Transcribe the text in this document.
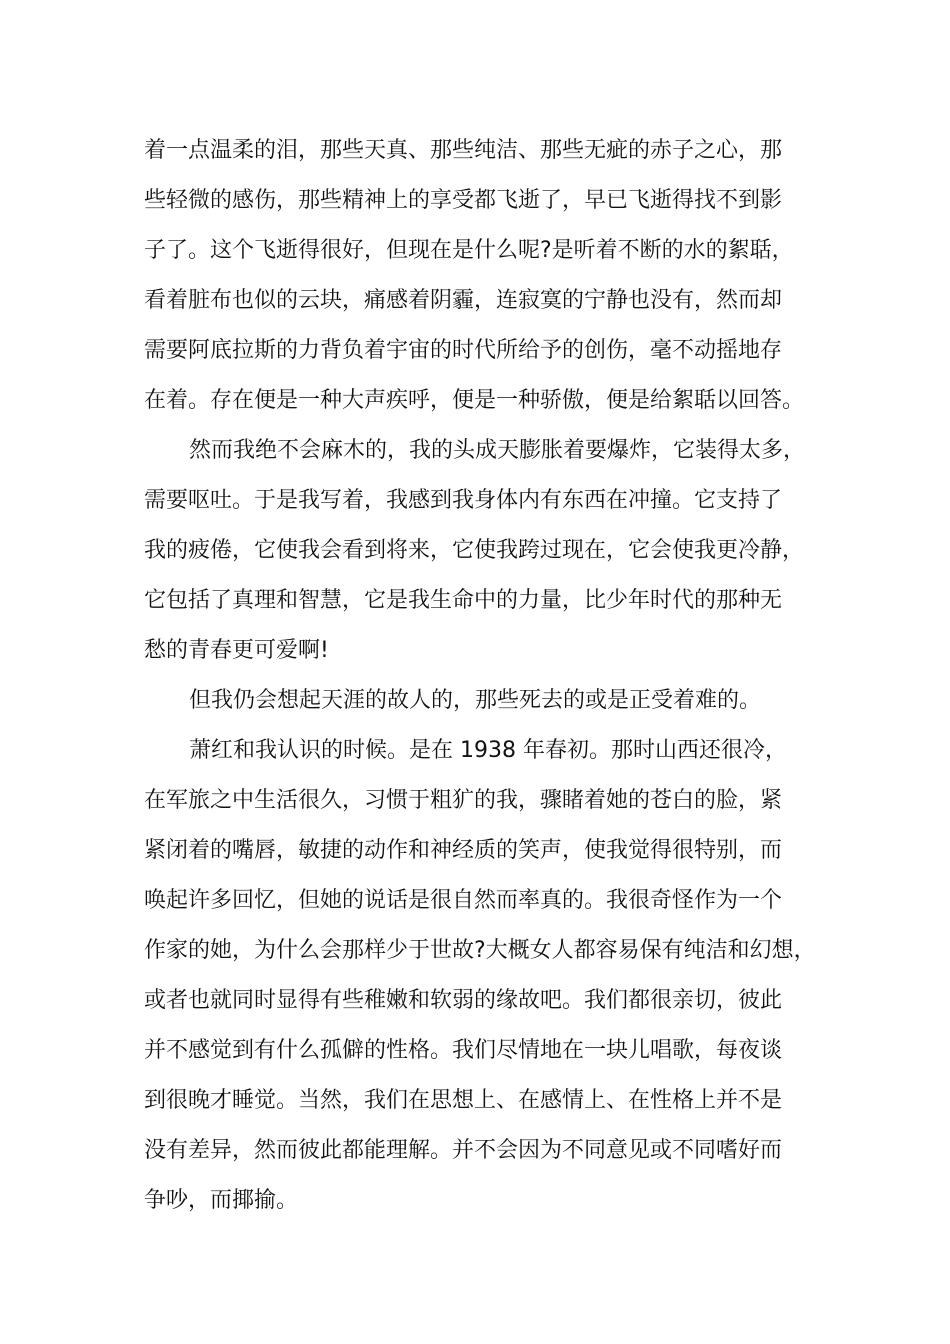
着一点温柔的泪，那些天真、那些纯洁、那些无疵的赤子之心，那
些轻微的感伤，那些精神上的享受都飞逝了，早已飞逝得找不到影
子了。这个飞逝得很好，但现在是什么呢?是听着不断的水的絮聒，
看着脏布也似的云块，痛感着阴霾，连寂寞的宁静也没有，然而却
需要阿底拉斯的力背负着宇宙的时代所给予的创伤，毫不动摇地存
在着。存在便是一种大声疾呼，便是一种骄傲，便是给絮聒以回答。
然而我绝不会麻木的，我的头成天膨胀着要爆炸，它装得太多，
需要呕吐。于是我写着，我感到我身体内有东西在冲撞。它支持了
我的疲倦，它使我会看到将来，它使我跨过现在，它会使我更冷静，
它包括了真理和智慧，它是我生命中的力量，比少年时代的那种无
愁的青春更可爱啊!
但我仍会想起天涯的故人的，那些死去的或是正受着难的。
萧红和我认识的时候。是在 1938 年春初。那时山西还很冷，
在军旅之中生活很久，习惯于粗犷的我，骤睹着她的苍白的脸，紧
紧闭着的嘴唇，敏捷的动作和神经质的笑声，使我觉得很特别，而
唤起许多回忆，但她的说话是很自然而率真的。我很奇怪作为一个
作家的她，为什么会那样少于世故?大概女人都容易保有纯洁和幻想，
或者也就同时显得有些稚嫩和软弱的缘故吧。我们都很亲切，彼此
并不感觉到有什么孤僻的性格。我们尽情地在一块儿唱歌，每夜谈
到很晚才睡觉。当然，我们在思想上、在感情上、在性格上并不是
没有差异，然而彼此都能理解。并不会因为不同意见或不同嗜好而
争吵，而揶揄。
